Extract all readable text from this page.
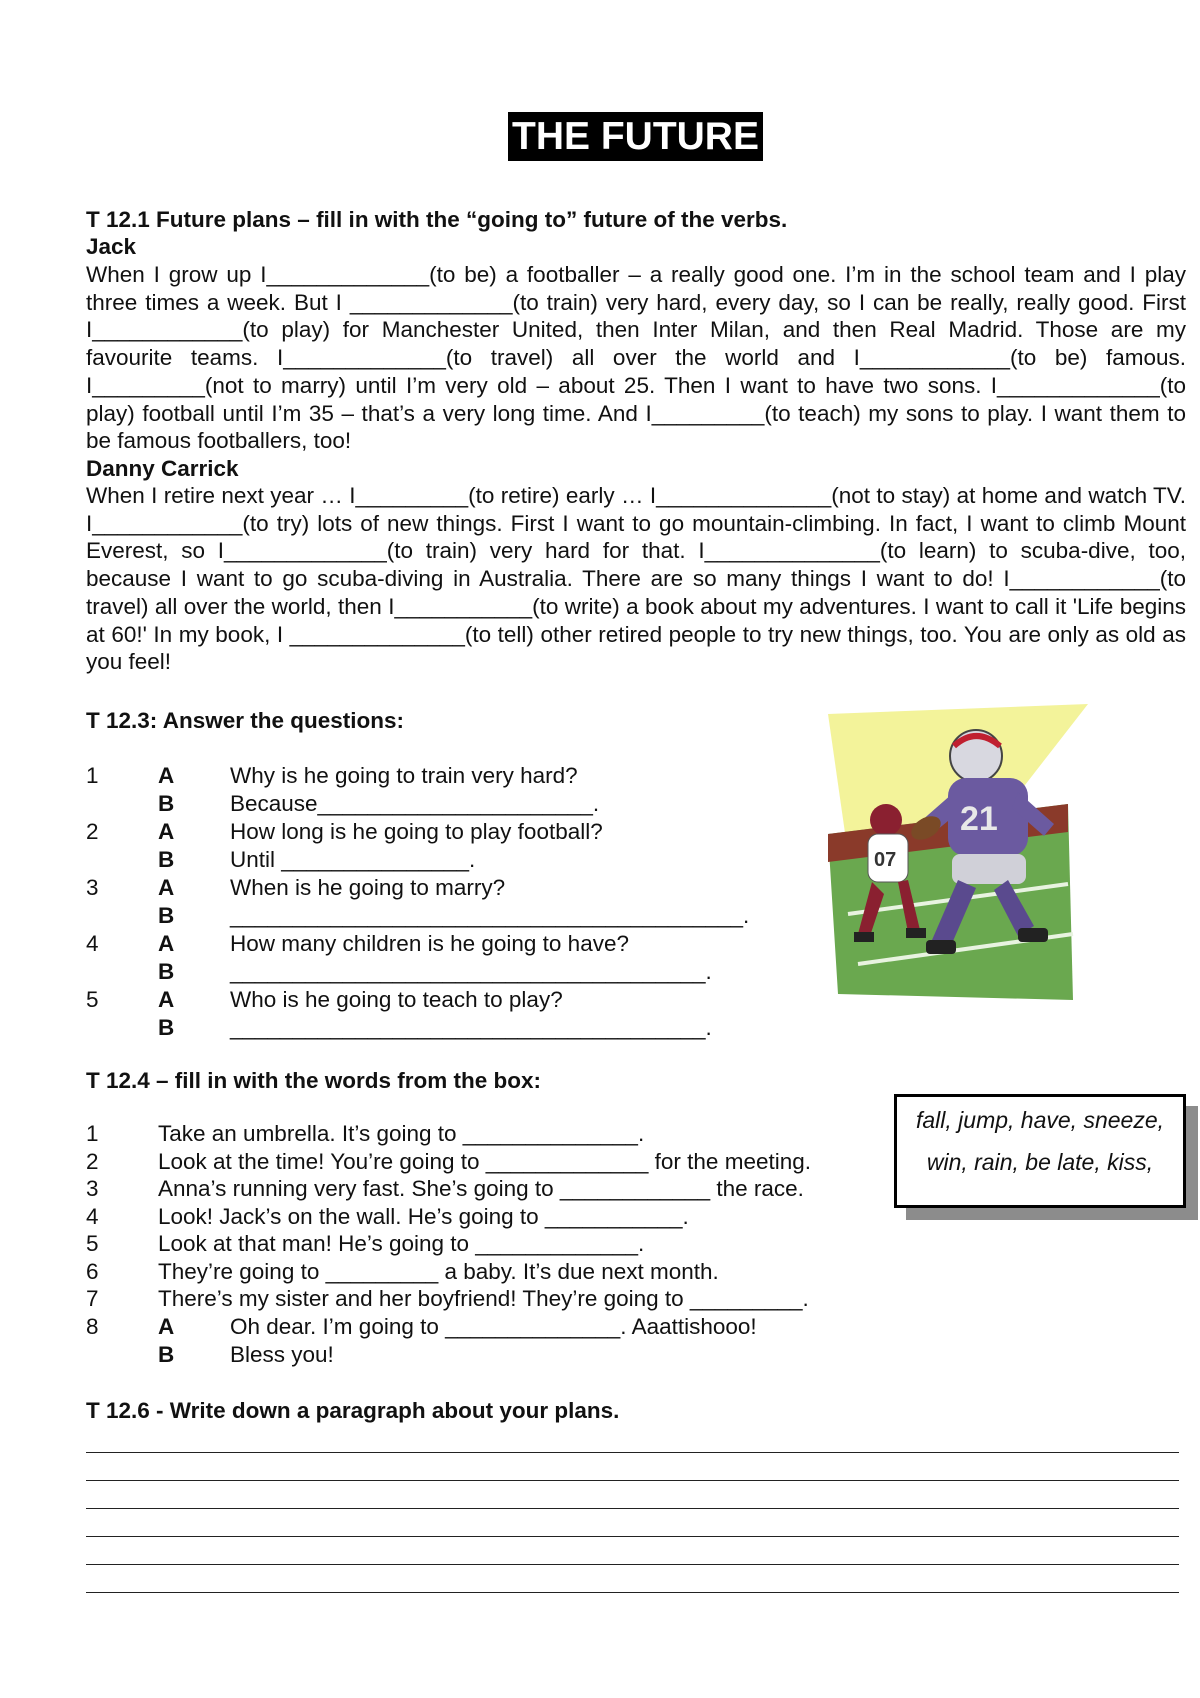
THE FUTURE
T 12.1 Future plans – fill in with the “going to” future of the verbs.
Jack

When I grow up I_____________(to be) a footballer – a really good one. I’m in the school team and I play three times a week. But I _____________(to train) very hard, every day, so I can be really, really good. First I____________(to play) for Manchester United, then Inter Milan, and then Real Madrid. Those are my favourite teams. I_____________(to travel) all over the world and I____________(to be) famous. I_________(not to marry) until I’m very old – about 25. Then I want to have two sons. I_____________(to play) football until I’m 35 – that’s a very long time. And I_________(to teach) my sons to play. I want them to be famous footballers, too!

Danny Carrick

When I retire next year … I_________(to retire) early … I______________(not to stay) at home and watch TV. I____________(to try) lots of new things. First I want to go mountain-climbing. In fact, I want to climb Mount Everest, so I_____________(to train) very hard for that. I______________(to learn) to scuba-dive, too, because I want to go scuba-diving in Australia. There are so many things I want to do! I____________(to travel) all over the world, then I___________(to write) a book about my adventures. I want to call it 'Life begins at 60!' In my book, I ______________(to tell) other retired people to try new things, too. You are only as old as you feel!

T 12.3: Answer the questions:
1	A Why is he going to train very hard?
B Because______________________.
2	A How long is he going to play football?
B Until _______________.
3	A When is he going to marry?
B _________________________________________.
4	A How many children is he going to have?
B ______________________________________.
5	A Who is he going to teach to play?
B ______________________________________.
07
21
T 12.4 – fill in with the words from the box:
fall, jump, have, sneeze,
win, rain, be late, kiss,
1	Take an umbrella. It’s going to ______________.
2	Look at the time! You’re going to _____________ for the meeting.
3	Anna’s running very fast. She’s going to ____________ the race.
4	Look! Jack’s on the wall. He’s going to ___________.
5	Look at that man! He’s going to _____________.
6	They’re going to _________ a baby. It’s due next month.
7	There’s my sister and her boyfriend! They’re going to _________.
8	A Oh dear. I’m going to ______________. Aaattishooo!
B Bless you!
T 12.6 - Write down a paragraph about your plans.
